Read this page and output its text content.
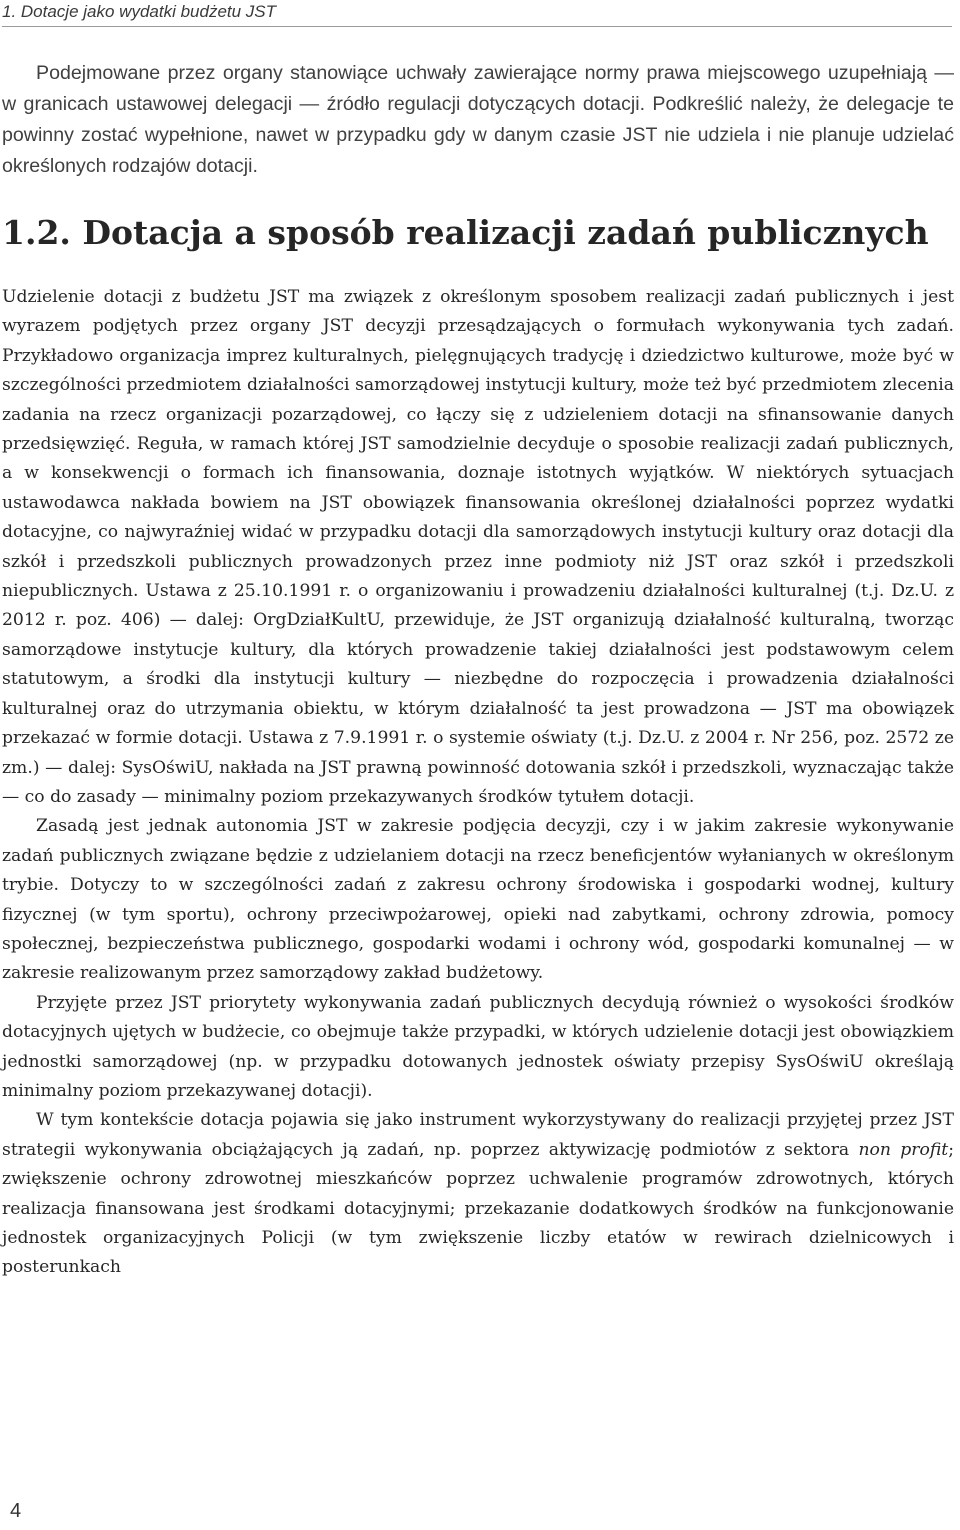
1. Dotacje jako wydatki budżetu JST

Podejmowane przez organy stanowiące uchwały zawierające normy prawa miejscowego uzupełniają — w granicach ustawowej delegacji — źródło regulacji dotyczących dotacji. Podkreślić należy, że delegacje te powinny zostać wypełnione, nawet w przypadku gdy w danym czasie JST nie udziela i nie planuje udzielać określonych rodzajów dotacji.

1.2. Dotacja a sposób realizacji zadań publicznych

Udzielenie dotacji z budżetu JST ma związek z określonym sposobem realizacji zadań publicznych i jest wyrazem podjętych przez organy JST decyzji przesądzających o formułach wykonywania tych zadań. Przykładowo organizacja imprez kulturalnych, pielęgnujących tradycję i dziedzictwo kulturowe, może być w szczególności przedmiotem działalności samorządowej instytucji kultury, może też być przedmiotem zlecenia zadania na rzecz organizacji pozarządowej, co łączy się z udzieleniem dotacji na sfinansowanie danych przedsięwzięć. Reguła, w ramach której JST samodzielnie decyduje o sposobie realizacji zadań publicznych, a w konsekwencji o formach ich finansowania, doznaje istotnych wyjątków. W niektórych sytuacjach ustawodawca nakłada bowiem na JST obowiązek finansowania określonej działalności poprzez wydatki dotacyjne, co najwyraźniej widać w przypadku dotacji dla samorządowych instytucji kultury oraz dotacji dla szkół i przedszkoli publicznych prowadzonych przez inne podmioty niż JST oraz szkół i przedszkoli niepublicznych. Ustawa z 25.10.1991 r. o organizowaniu i prowadzeniu działalności kulturalnej (t.j. Dz.U. z 2012 r. poz. 406) — dalej: OrgDziałKultU, przewiduje, że JST organizują działalność kulturalną, tworząc samorządowe instytucje kultury, dla których prowadzenie takiej działalności jest podstawowym celem statutowym, a środki dla instytucji kultury — niezbędne do rozpoczęcia i prowadzenia działalności kulturalnej oraz do utrzymania obiektu, w którym działalność ta jest prowadzona — JST ma obowiązek przekazać w formie dotacji. Ustawa z 7.9.1991 r. o systemie oświaty (t.j. Dz.U. z 2004 r. Nr 256, poz. 2572 ze zm.) — dalej: SysOświU, nakłada na JST prawną powinność dotowania szkół i przedszkoli, wyznaczając także — co do zasady — minimalny poziom przekazywanych środków tytułem dotacji.

Zasadą jest jednak autonomia JST w zakresie podjęcia decyzji, czy i w jakim zakresie wykonywanie zadań publicznych związane będzie z udzielaniem dotacji na rzecz beneficjentów wyłanianych w określonym trybie. Dotyczy to w szczególności zadań z zakresu ochrony środowiska i gospodarki wodnej, kultury fizycznej (w tym sportu), ochrony przeciwpożarowej, opieki nad zabytkami, ochrony zdrowia, pomocy społecznej, bezpieczeństwa publicznego, gospodarki wodami i ochrony wód, gospodarki komunalnej — w zakresie realizowanym przez samorządowy zakład budżetowy.

Przyjęte przez JST priorytety wykonywania zadań publicznych decydują również o wysokości środków dotacyjnych ujętych w budżecie, co obejmuje także przypadki, w których udzielenie dotacji jest obowiązkiem jednostki samorządowej (np. w przypadku dotowanych jednostek oświaty przepisy SysOświU określają minimalny poziom przekazywanej dotacji).

W tym kontekście dotacja pojawia się jako instrument wykorzystywany do realizacji przyjętej przez JST strategii wykonywania obciążających ją zadań, np. poprzez aktywizację podmiotów z sektora non profit; zwiększenie ochrony zdrowotnej mieszkańców poprzez uchwalenie programów zdrowotnych, których realizacja finansowana jest środkami dotacyjnymi; przekazanie dodatkowych środków na funkcjonowanie jednostek organizacyjnych Policji (w tym zwiększenie liczby etatów w rewirach dzielnicowych i posterunkach

4
